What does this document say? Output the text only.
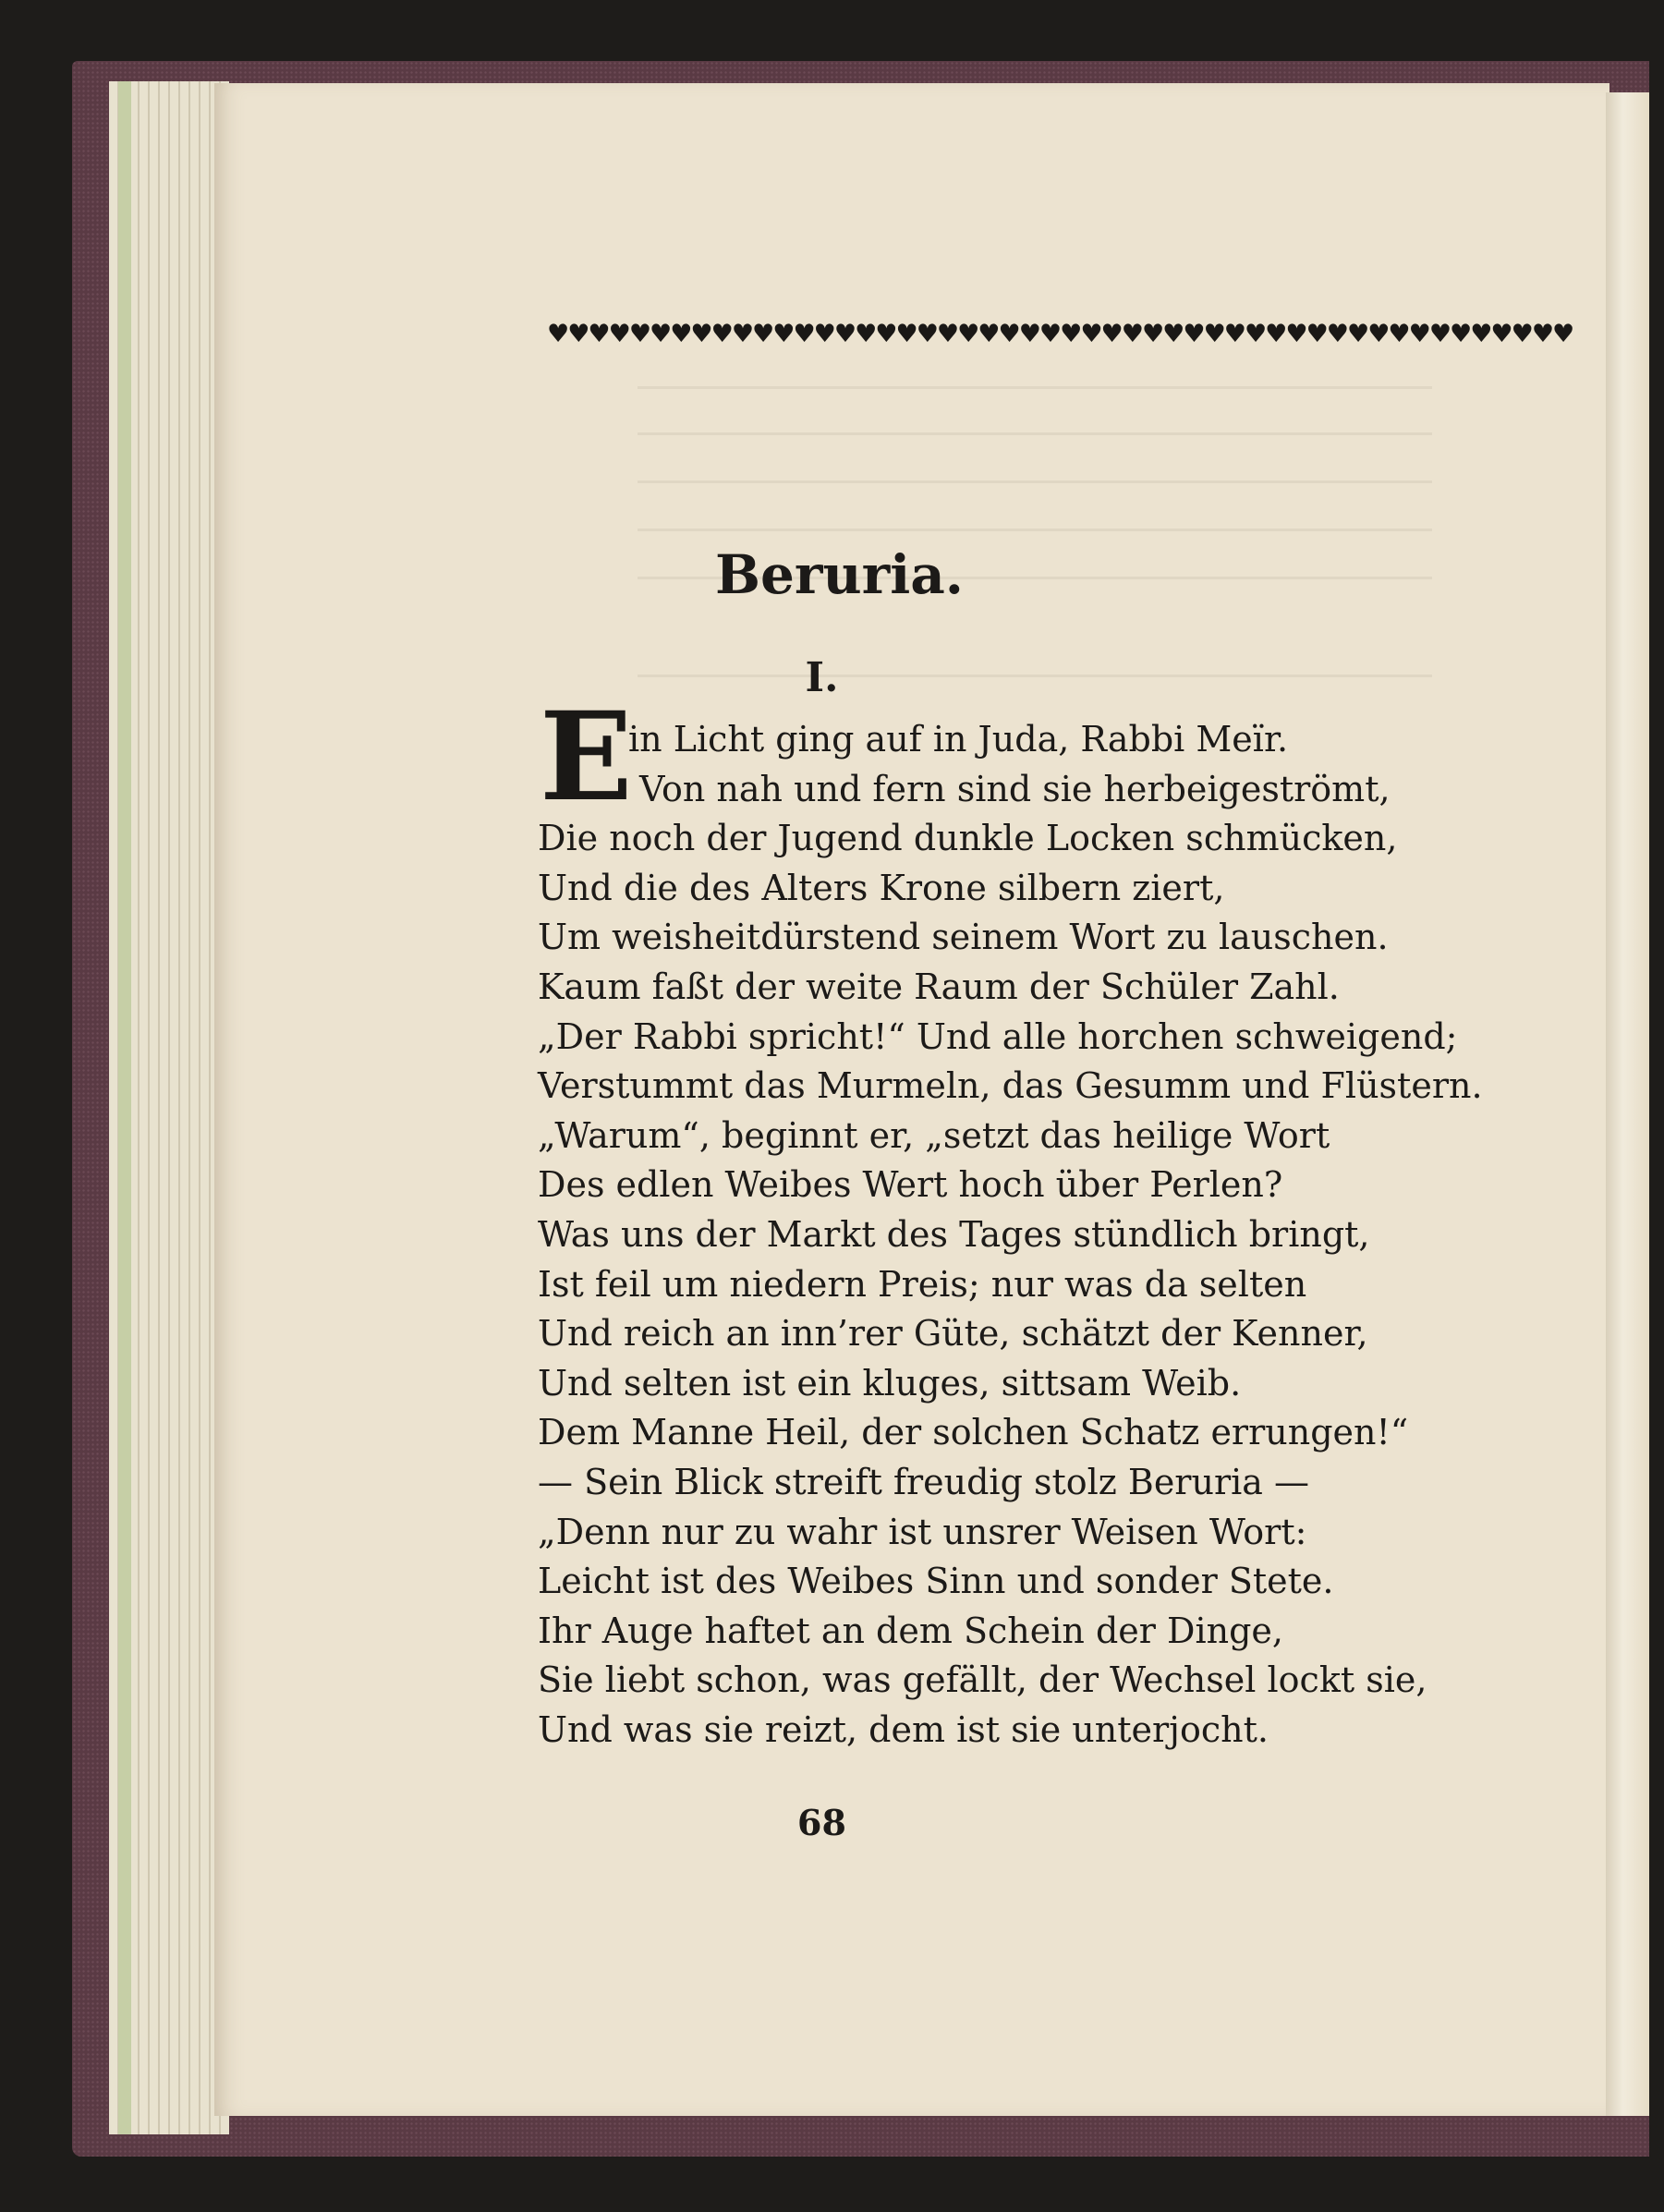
♥♥♥♥♥♥♥♥♥♥♥♥♥♥♥♥♥♥♥♥♥♥♥♥♥♥♥♥♥♥♥♥♥♥♥♥♥♥♥♥♥♥♥♥♥♥♥♥♥♥
Beruria.
I.
E
in Licht ging auf in Juda, Rabbi Meïr.
Von nah und fern sind sie herbeigeströmt,
Die noch der Jugend dunkle Locken schmücken,
Und die des Alters Krone silbern ziert,
Um weisheitdürstend seinem Wort zu lauschen.
Kaum faßt der weite Raum der Schüler Zahl.
„Der Rabbi spricht!“ Und alle horchen schweigend;
Verstummt das Murmeln, das Gesumm und Flüstern.
„Warum“, beginnt er, „setzt das heilige Wort
Des edlen Weibes Wert hoch über Perlen?
Was uns der Markt des Tages stündlich bringt,
Ist feil um niedern Preis; nur was da selten
Und reich an inn’rer Güte, schätzt der Kenner,
Und selten ist ein kluges, sittsam Weib.
Dem Manne Heil, der solchen Schatz errungen!“
— Sein Blick streift freudig stolz Beruria —
„Denn nur zu wahr ist unsrer Weisen Wort:
Leicht ist des Weibes Sinn und sonder Stete.
Ihr Auge haftet an dem Schein der Dinge,
Sie liebt schon, was gefällt, der Wechsel lockt sie,
Und was sie reizt, dem ist sie unterjocht.
68
